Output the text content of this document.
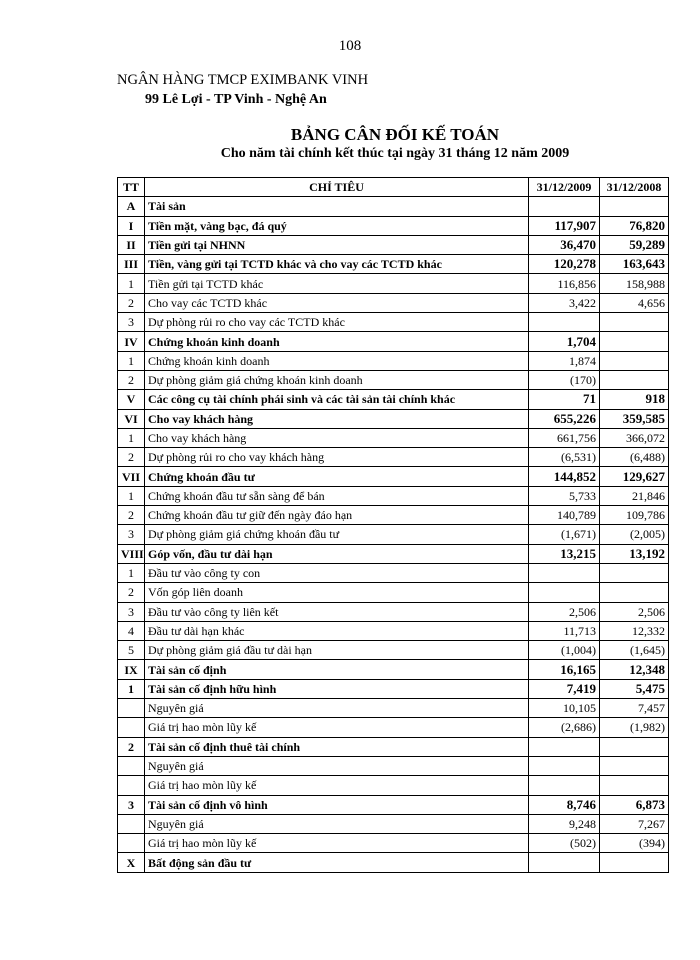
108
NGÂN HÀNG TMCP EXIMBANK VINH
99 Lê Lợi - TP Vinh - Nghệ An
BẢNG CÂN ĐỐI KẾ TOÁN
Cho năm tài chính kết thúc tại ngày 31 tháng 12 năm 2009
TT	CHỈ TIÊU	31/12/2009	31/12/2008
A	Tài sản		
I	Tiền mặt, vàng bạc, đá quý	117,907	76,820
II	Tiền gửi tại NHNN	36,470	59,289
III	Tiền, vàng gửi tại TCTD khác và cho vay các TCTD khác	120,278	163,643
1	Tiền gửi tại TCTD khác	116,856	158,988
2	Cho vay các TCTD khác	3,422	4,656
3	Dự phòng rủi ro cho vay các TCTD khác		
IV	Chứng khoán kinh doanh	1,704	
1	Chứng khoán kinh doanh	1,874	
2	Dự phòng giảm giá chứng khoán kinh doanh	(170)	
V	Các công cụ tài chính phái sinh và các tài sản tài chính khác	71	918
VI	Cho vay khách hàng	655,226	359,585
1	Cho vay khách hàng	661,756	366,072
2	Dự phòng rủi ro cho vay khách hàng	(6,531)	(6,488)
VII	Chứng khoán đầu tư	144,852	129,627
1	Chứng khoán đầu tư sẵn sàng để bán	5,733	21,846
2	Chứng khoán đầu tư giữ đến ngày đáo hạn	140,789	109,786
3	Dự phòng giảm giá chứng khoán đầu tư	(1,671)	(2,005)
VIII	Góp vốn, đầu tư dài hạn	13,215	13,192
1	Đầu tư vào công ty con		
2	Vốn góp liên doanh		
3	Đầu tư vào công ty liên kết	2,506	2,506
4	Đầu tư dài hạn khác	11,713	12,332
5	Dự phòng giảm giá đầu tư dài hạn	(1,004)	(1,645)
IX	Tài sản cố định	16,165	12,348
1	Tài sản cố định hữu hình	7,419	5,475
	Nguyên giá	10,105	7,457
	Giá trị hao mòn lũy kế	(2,686)	(1,982)
2	Tài sản cố định thuê tài chính		
	Nguyên giá		
	Giá trị hao mòn lũy kế		
3	Tài sản cố định vô hình	8,746	6,873
	Nguyên giá	9,248	7,267
	Giá trị hao mòn lũy kế	(502)	(394)
X	Bất động sản đầu tư		
